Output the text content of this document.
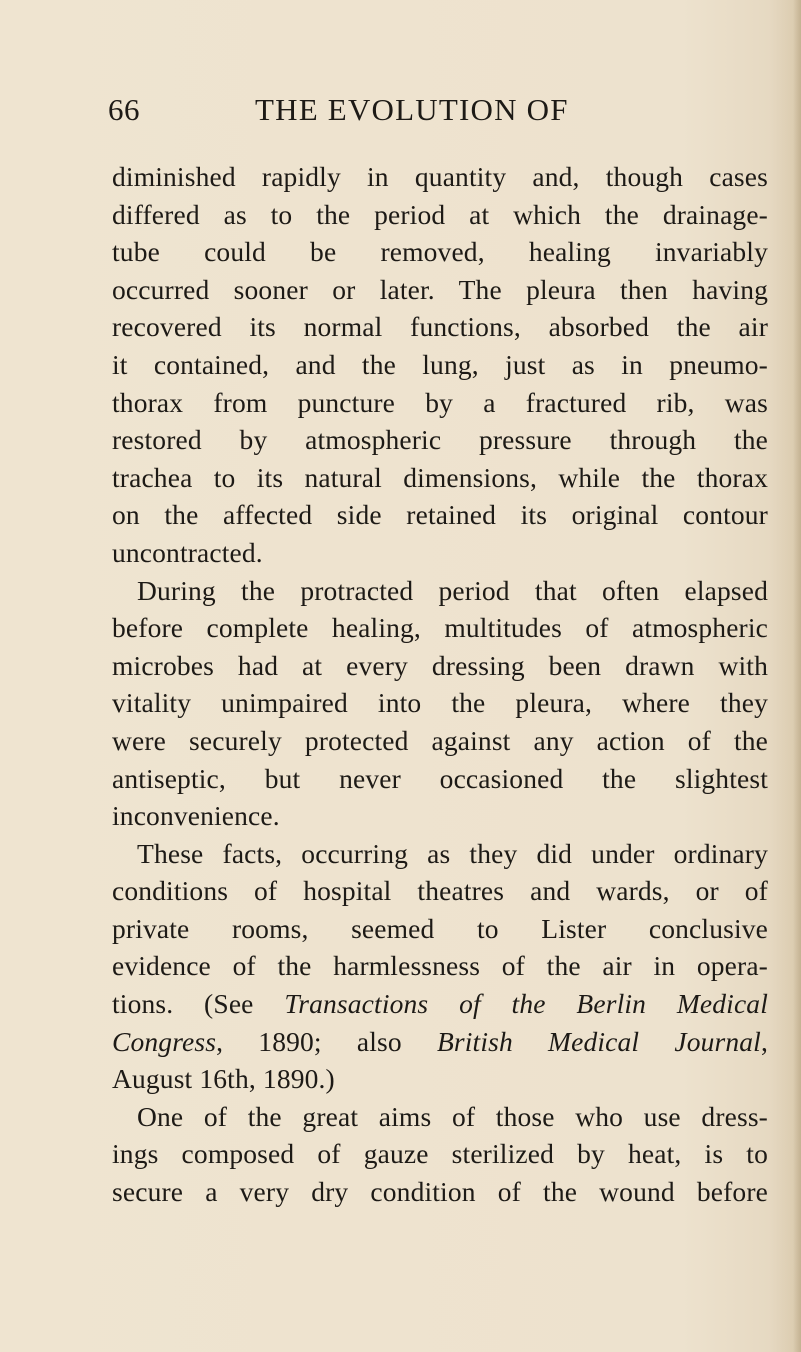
66	THE EVOLUTION OF
diminished rapidly in quantity and, though cases
differed as to the period at which the drainage-
tube could be removed, healing invariably
occurred sooner or later. The pleura then having
recovered its normal functions, absorbed the air
it contained, and the lung, just as in pneumo-
thorax from puncture by a fractured rib, was
restored by atmospheric pressure through the
trachea to its natural dimensions, while the thorax
on the affected side retained its original contour
uncontracted.
During the protracted period that often elapsed
before complete healing, multitudes of atmospheric
microbes had at every dressing been drawn with
vitality unimpaired into the pleura, where they
were securely protected against any action of the
antiseptic, but never occasioned the slightest
inconvenience.
These facts, occurring as they did under ordinary
conditions of hospital theatres and wards, or of
private rooms, seemed to Lister conclusive
evidence of the harmlessness of the air in opera-
tions. (See Transactions of the Berlin Medical
Congress, 1890; also British Medical Journal,
August 16th, 1890.)
One of the great aims of those who use dress-
ings composed of gauze sterilized by heat, is to
secure a very dry condition of the wound before
